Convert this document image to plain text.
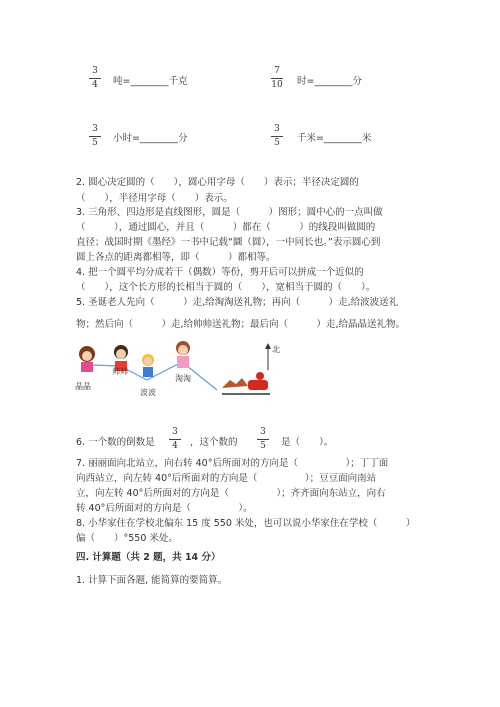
3
4	吨=________千克
7
10 时=________分
3
5	小时=________分
3
5	千米=________米
2. 圆心决定圆的（　　），圆心用字母（　　）表示；半径决定圆的
（　　），半径用字母（　　）表示。
3. 三角形、四边形是直线图形，圆是（　　　）图形；圆中心的一点叫做
（　　　），通过圆心，并且（　　　）都在（　　　）的线段叫做圆的
直径；战国时期《墨经》一书中记载“圜（圆），一中同长也。”表示圆心到
圆上各点的距离都相等，即（　　　）都相等。
4. 把一个圆平均分成若干（偶数）等份，剪开后可以拼成一个近似的
（　　），这个长方形的长相当于圆的（　　），宽相当于圆的（　　）。
5. 圣诞老人先向（　　　）走,给淘淘送礼物；再向（　　　）走,给波波送礼
物；然后向（　　　）走,给帅帅送礼物；最后向（　　　）走,给晶晶送礼物。
北
晶晶
帅帅
波波
淘淘
6. 一个数的倒数是
3
4	，这个数的
3
5	是（　　）。
7. 丽丽面向北站立，向右转 40°后所面对的方向是（　　　　　）；丁丁面
向西站立，向左转 40°后所面对的方向是（　　　　　）；豆豆面向南站
立，向左转 40°后所面对的方向是（　　　　　）；齐齐面向东站立，向右
转 40°后所面对的方向是（　　　　　）。
8. 小华家住在学校北偏东 15 度 550 米处，也可以说小华家住在学校（　　　）
偏（　　）°550 米处。
四. 计算题（共 2 题，共 14 分）
1. 计算下面各题, 能简算的要简算。
